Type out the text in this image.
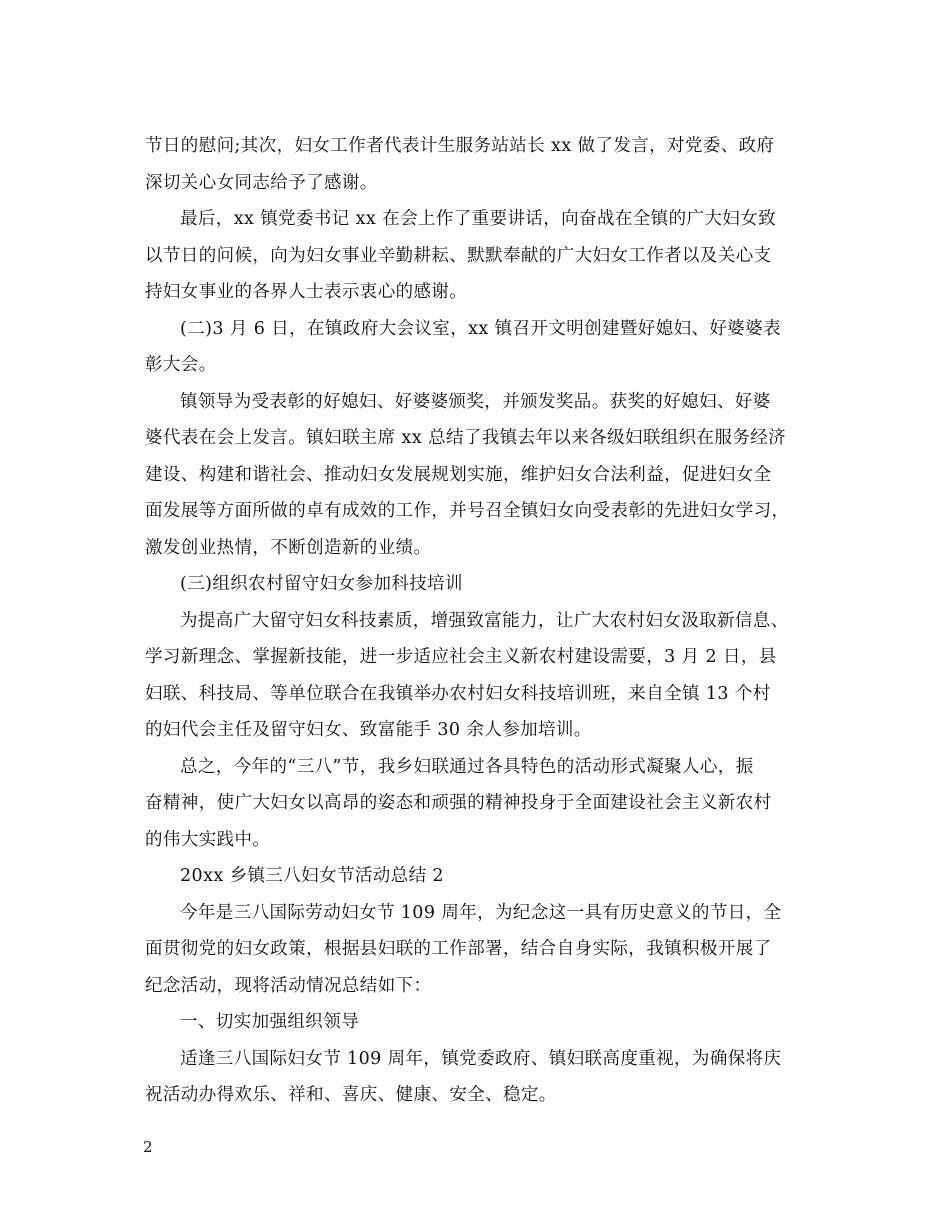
节日的慰问;其次，妇女工作者代表计生服务站站长 xx 做了发言，对党委、政府
深切关心女同志给予了感谢。
最后，xx 镇党委书记 xx 在会上作了重要讲话，向奋战在全镇的广大妇女致
以节日的问候，向为妇女事业辛勤耕耘、默默奉献的广大妇女工作者以及关心支
持妇女事业的各界人士表示衷心的感谢。
(二)3 月 6 日，在镇政府大会议室，xx 镇召开文明创建暨好媳妇、好婆婆表
彰大会。
镇领导为受表彰的好媳妇、好婆婆颁奖，并颁发奖品。获奖的好媳妇、好婆
婆代表在会上发言。镇妇联主席 xx 总结了我镇去年以来各级妇联组织在服务经济
建设、构建和谐社会、推动妇女发展规划实施，维护妇女合法利益，促进妇女全
面发展等方面所做的卓有成效的工作，并号召全镇妇女向受表彰的先进妇女学习，
激发创业热情，不断创造新的业绩。
(三)组织农村留守妇女参加科技培训
为提高广大留守妇女科技素质，增强致富能力，让广大农村妇女汲取新信息、
学习新理念、掌握新技能，进一步适应社会主义新农村建设需要，3 月 2 日，县
妇联、科技局、等单位联合在我镇举办农村妇女科技培训班，来自全镇 13 个村
的妇代会主任及留守妇女、致富能手 30 余人参加培训。
总之，今年的“三八”节，我乡妇联通过各具特色的活动形式凝聚人心，振
奋精神，使广大妇女以高昂的姿态和顽强的精神投身于全面建设社会主义新农村
的伟大实践中。
20xx 乡镇三八妇女节活动总结 2
今年是三八国际劳动妇女节 109 周年，为纪念这一具有历史意义的节日，全
面贯彻党的妇女政策，根据县妇联的工作部署，结合自身实际，我镇积极开展了
纪念活动，现将活动情况总结如下：
一、切实加强组织领导
适逢三八国际妇女节 109 周年，镇党委政府、镇妇联高度重视，为确保将庆
祝活动办得欢乐、祥和、喜庆、健康、安全、稳定。
2
